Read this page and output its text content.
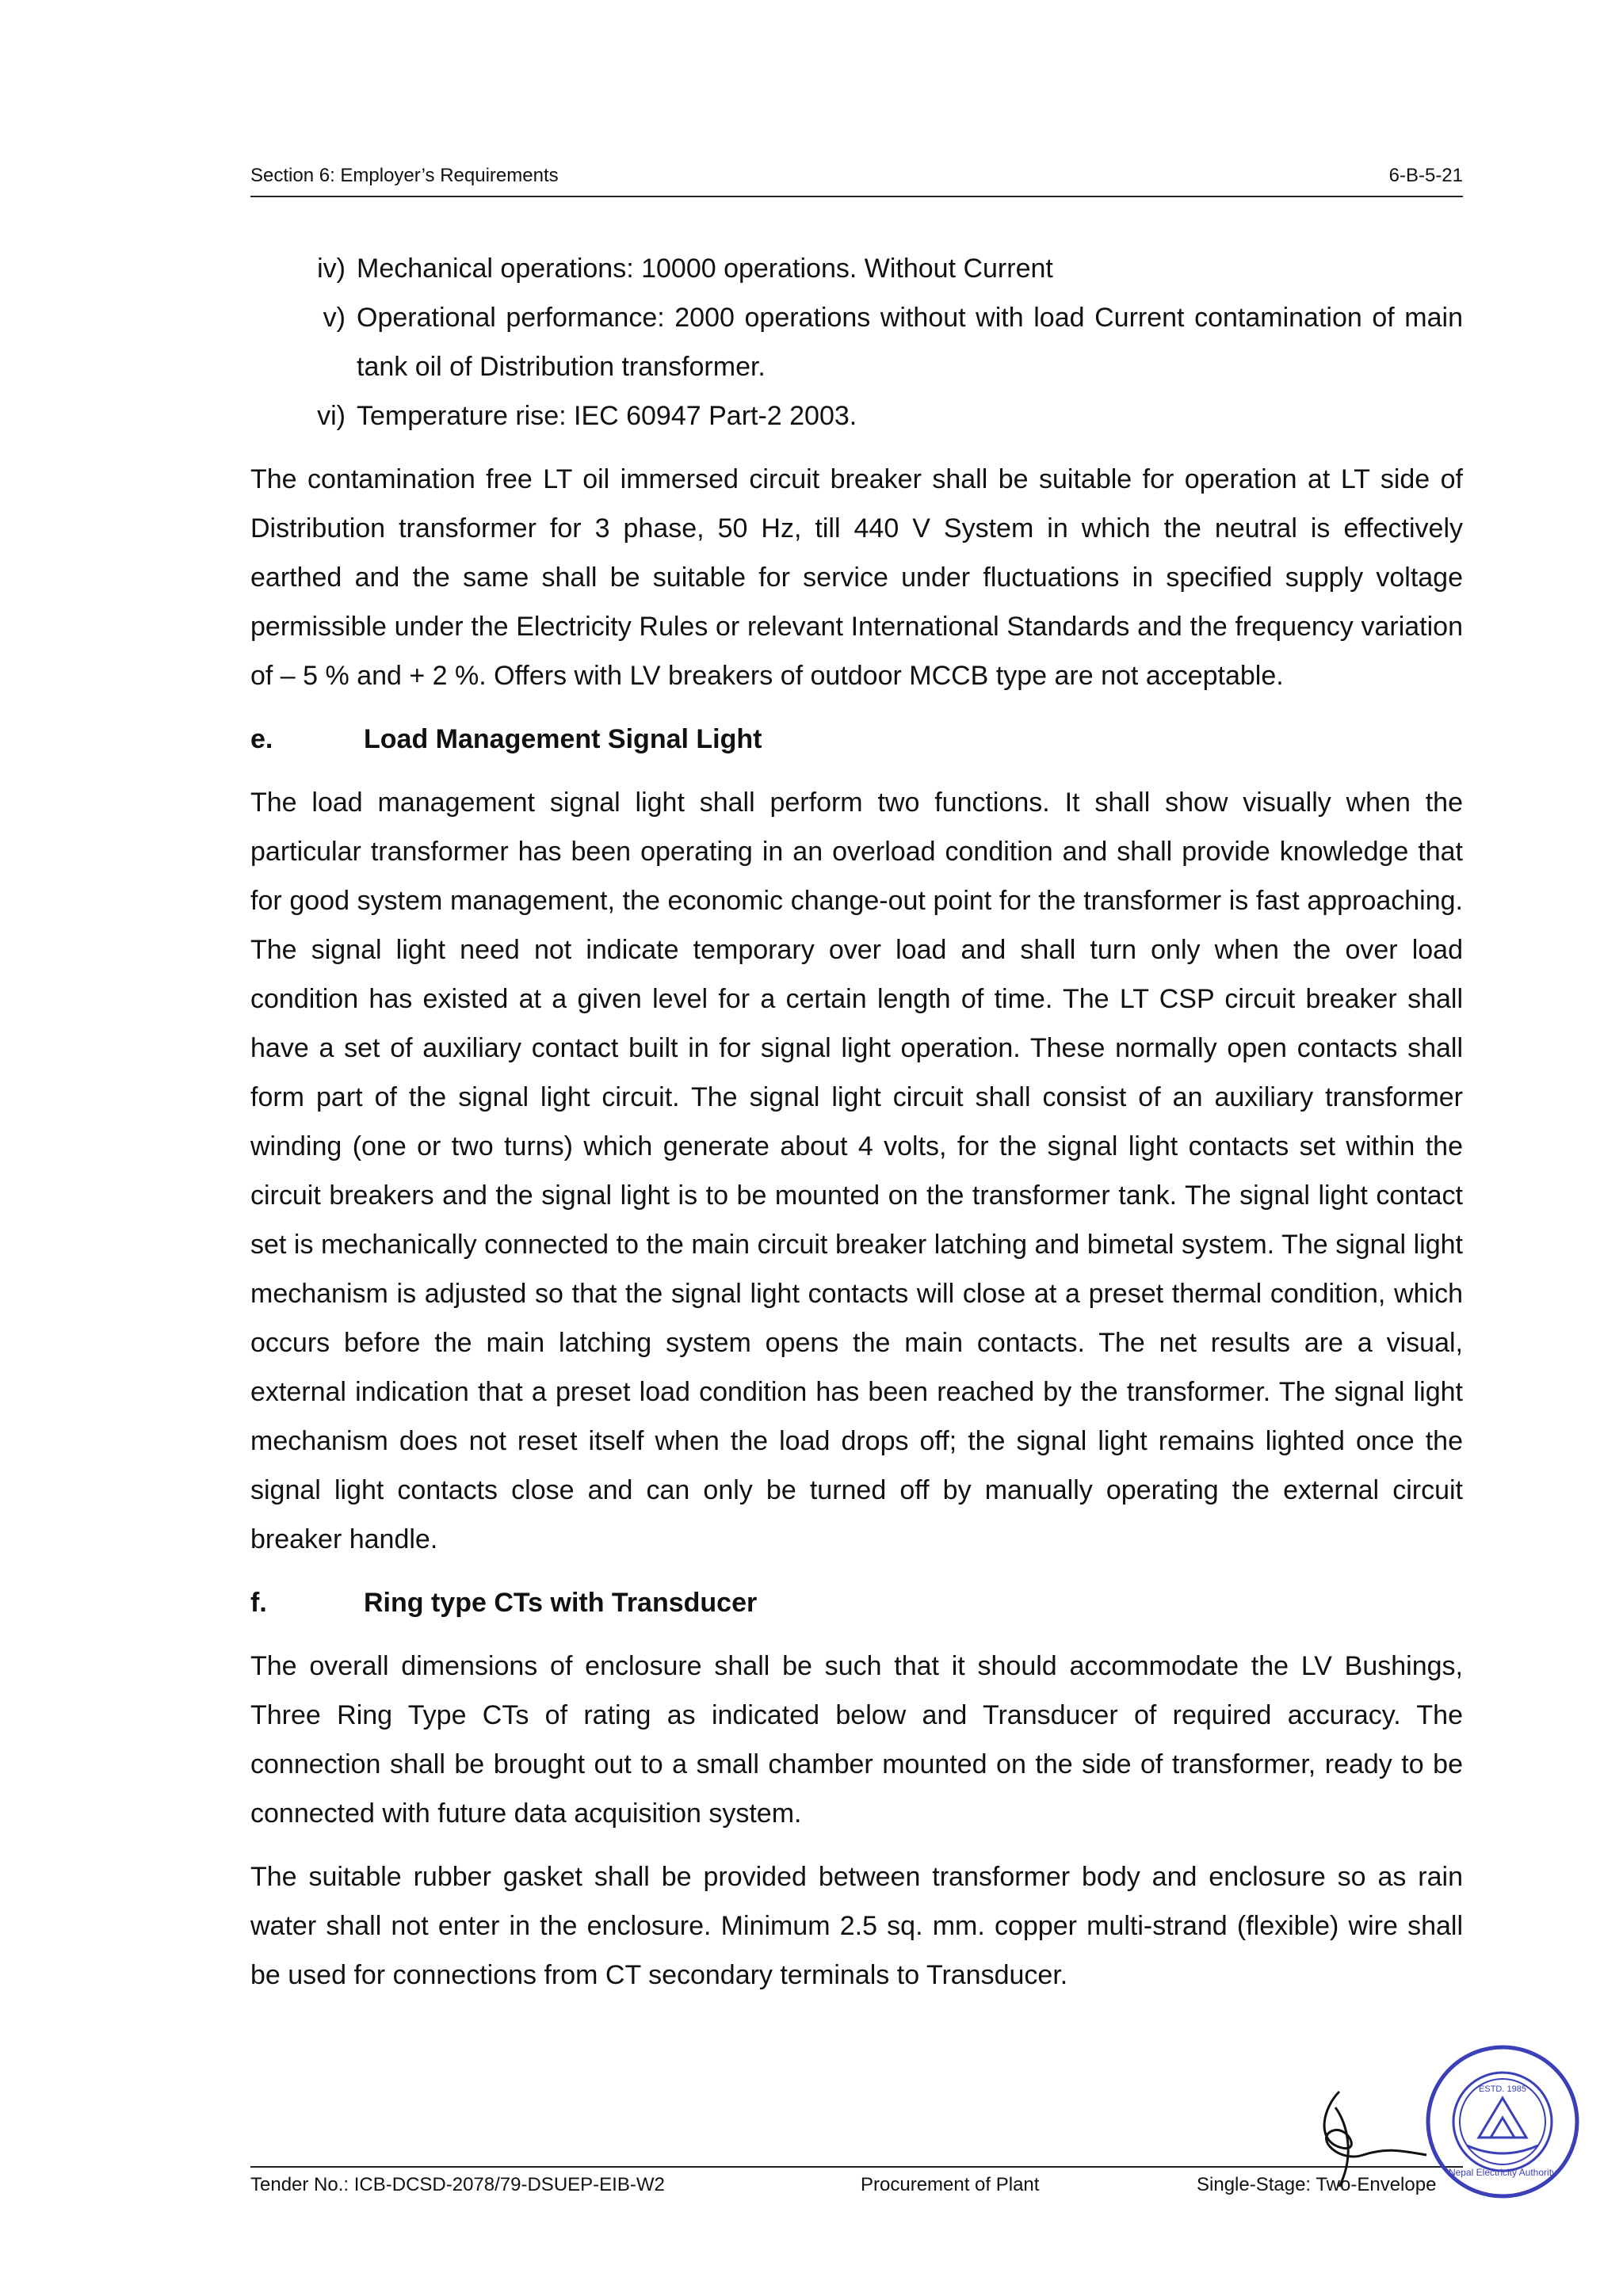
Section 6: Employer’s Requirements	6-B-5-21
iv) Mechanical operations: 10000 operations. Without Current
v) Operational performance: 2000 operations without with load Current contamination of main tank oil of Distribution transformer.
vi) Temperature rise: IEC 60947 Part-2 2003.

The contamination free LT oil immersed circuit breaker shall be suitable for operation at LT side of Distribution transformer for 3 phase, 50 Hz, till 440 V System in which the neutral is effectively earthed and the same shall be suitable for service under fluctuations in specified supply voltage permissible under the Electricity Rules or relevant International Standards and the frequency variation of – 5 % and + 2 %. Offers with LV breakers of outdoor MCCB type are not acceptable.

e.	Load Management Signal Light

The load management signal light shall perform two functions. It shall show visually when the particular transformer has been operating in an overload condition and shall provide knowledge that for good system management, the economic change-out point for the transformer is fast approaching. The signal light need not indicate temporary over load and shall turn only when the over load condition has existed at a given level for a certain length of time. The LT CSP circuit breaker shall have a set of auxiliary contact built in for signal light operation. These normally open contacts shall form part of the signal light circuit. The signal light circuit shall consist of an auxiliary transformer winding (one or two turns) which generate about 4 volts, for the signal light contacts set within the circuit breakers and the signal light is to be mounted on the transformer tank. The signal light contact set is mechanically connected to the main circuit breaker latching and bimetal system. The signal light mechanism is adjusted so that the signal light contacts will close at a preset thermal condition, which occurs before the main latching system opens the main contacts. The net results are a visual, external indication that a preset load condition has been reached by the transformer. The signal light mechanism does not reset itself when the load drops off; the signal light remains lighted once the signal light contacts close and can only be turned off by manually operating the external circuit breaker handle.

f.	Ring type CTs with Transducer

The overall dimensions of enclosure shall be such that it should accommodate the LV Bushings, Three Ring Type CTs of rating as indicated below and Transducer of required accuracy. The connection shall be brought out to a small chamber mounted on the side of transformer, ready to be connected with future data acquisition system.

The suitable rubber gasket shall be provided between transformer body and enclosure so as rain water shall not enter in the enclosure. Minimum 2.5 sq. mm. copper multi-strand (flexible) wire shall be used for connections from CT secondary terminals to Transducer.

Tender No.: ICB-DCSD-2078/79-DSUEP-EIB-W2	Procurement of Plant	Single-Stage: Two-Envelope
ESTD. 1985
Nepal Electricity Authority
